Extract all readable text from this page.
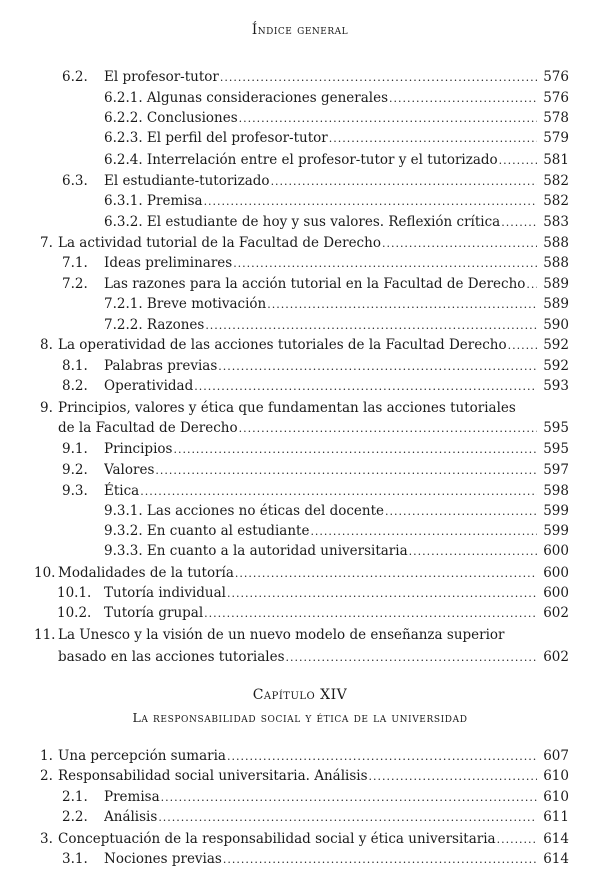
Índice general
6.2. El profesor-tutor .....	576
6.2.1. Algunas consideraciones generales .....	576
6.2.2. Conclusiones .....	578
6.2.3. El perfil del profesor-tutor .....	579
6.2.4. Interrelación entre el profesor-tutor y el tutorizado .....	581
6.3. El estudiante-tutorizado .....	582
6.3.1. Premisa .....	582
6.3.2. El estudiante de hoy y sus valores. Reflexión crítica .....	583
7. La actividad tutorial de la Facultad de Derecho .....	588
7.1. Ideas preliminares .....	588
7.2. Las razones para la acción tutorial en la Facultad de Derecho ..... 589
7.2.1. Breve motivación .....	589
7.2.2. Razones .....	590
8. La operatividad de las acciones tutoriales de la Facultad Derecho .....	592
8.1. Palabras previas .....	592
8.2. Operatividad .....	593
9. Principios, valores y ética que fundamentan las acciones tutoriales
de la Facultad de Derecho .....	595
9.1. Principios .....	595
9.2. Valores .....	597
9.3. Ética .....	598
9.3.1. Las acciones no éticas del docente .....	599
9.3.2. En cuanto al estudiante .....	599
9.3.3. En cuanto a la autoridad universitaria .....	600
10. Modalidades de la tutoría .....	600
10.1. Tutoría individual .....	600
10.2. Tutoría grupal .....	602
11. La Unesco y la visión de un nuevo modelo de enseñanza superior
basado en las acciones tutoriales .....	602
Capítulo XIV
La responsabilidad social y ética de la universidad
1. Una percepción sumaria .....	607
2. Responsabilidad social universitaria. Análisis .....	610
2.1. Premisa .....	610
2.2. Análisis .....	611
3. Conceptuación de la responsabilidad social y ética universitaria .....	614
3.1. Nociones previas .....	614
